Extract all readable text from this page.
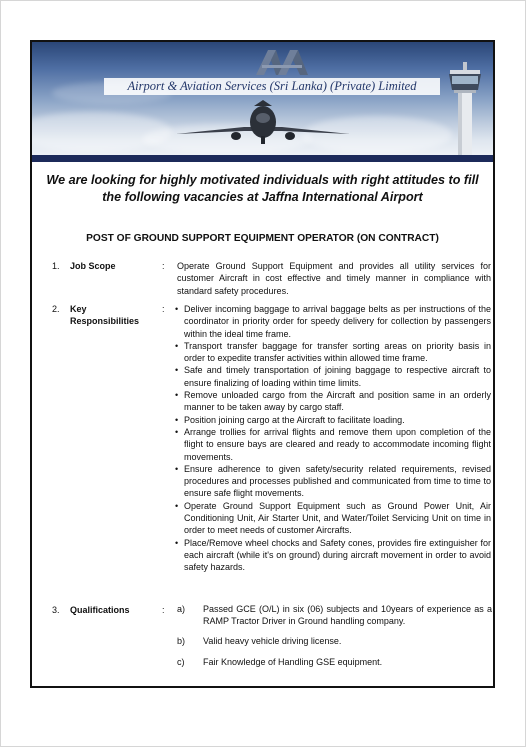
Airport & Aviation Services (Sri Lanka) (Private) Limited
We are looking for highly motivated individuals with right attitudes to fill the following vacancies at Jaffna International Airport
POST OF GROUND SUPPORT EQUIPMENT OPERATOR (ON CONTRACT)
1. Job Scope	: Operate Ground Support Equipment and provides all utility services for customer Aircraft in cost effective and timely manner in compliance with standard safety procedures.
2. Key
Responsibilities
:
•	Deliver incoming baggage to arrival baggage belts as per instructions of the coordinator in priority order for speedy delivery for collection by passengers within the ideal time frame.
• Transport transfer baggage for transfer sorting areas on priority basis in order to expedite transfer activities within allowed time frame.
• Safe and timely transportation of joining baggage to respective aircraft to ensure finalizing of loading within time limits.
• Remove unloaded cargo from the Aircraft and position same in an orderly manner to be taken away by cargo staff.
• Position joining cargo at the Aircraft to facilitate loading.
• Arrange trollies for arrival flights and remove them upon completion of the flight to ensure bays are cleared and ready to accommodate incoming flight movements.
• Ensure adherence to given safety/security related requirements, revised procedures and processes published and communicated from time to time to ensure safe flight movements.
• Operate Ground Support Equipment such as Ground Power Unit, Air Conditioning Unit, Air Starter Unit, and Water/Toilet Servicing Unit on time in order to meet needs of customer Aircrafts.
• Place/Remove wheel chocks and Safety cones, provides fire extinguisher for each aircraft (while it's on ground) during aircraft movement in order to avoid safety hazards.
3. Qualifications	: a) Passed GCE (O/L) in six (06) subjects and 10years of experience as a RAMP Tractor Driver in Ground handling company.
b) Valid heavy vehicle driving license.
c) Fair Knowledge of Handling GSE equipment.
